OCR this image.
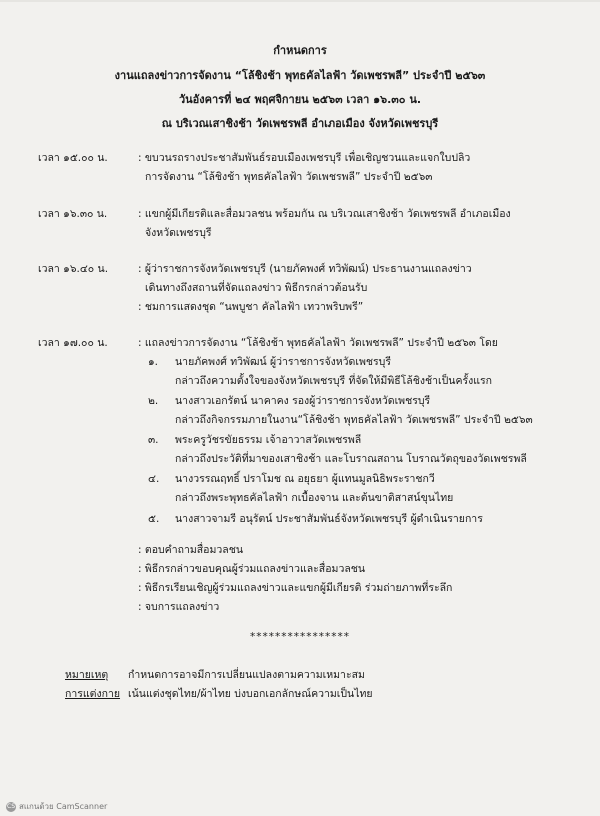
กำหนดการ
งานแถลงข่าวการจัดงาน “โล้ชิงช้า พุทธคัลไลฟ้า วัดเพชรพลี” ประจำปี ๒๕๖๓
วันอังคารที่ ๒๔ พฤศจิกายน ๒๕๖๓ เวลา ๑๖.๓๐ น.
ณ บริเวณเสาชิงช้า วัดเพชรพลี อำเภอเมือง จังหวัดเพชรบุรี
เวลา ๑๕.๐๐ น.	: ขบวนรถรางประชาสัมพันธ์รอบเมืองเพชรบุรี เพื่อเชิญชวนและแจกใบปลิว
การจัดงาน “โล้ชิงช้า พุทธคัลไลฟ้า วัดเพชรพลี” ประจำปี ๒๕๖๓
เวลา ๑๖.๓๐ น.	: แขกผู้มีเกียรติและสื่อมวลชน พร้อมกัน ณ บริเวณเสาชิงช้า วัดเพชรพลี อำเภอเมือง
จังหวัดเพชรบุรี
เวลา ๑๖.๔๐ น.	: ผู้ว่าราชการจังหวัดเพชรบุรี (นายภัคพงศ์ ทวิพัฒน์) ประธานงานแถลงข่าว
เดินทางถึงสถานที่จัดแถลงข่าว พิธีกรกล่าวต้อนรับ
: ชมการแสดงชุด “นพบูชา คัลไลฟ้า เทวาพริบพรี”
เวลา ๑๗.๐๐ น.	: แถลงข่าวการจัดงาน “โล้ชิงช้า พุทธคัลไลฟ้า วัดเพชรพลี” ประจำปี ๒๕๖๓ โดย
๑. นายภัคพงศ์ ทวิพัฒน์ ผู้ว่าราชการจังหวัดเพชรบุรี
กล่าวถึงความตั้งใจของจังหวัดเพชรบุรี ที่จัดให้มีพิธีโล้ชิงช้าเป็นครั้งแรก
๒. นางสาวเอกรัตน์ นาคาคง รองผู้ว่าราชการจังหวัดเพชรบุรี
กล่าวถึงกิจกรรมภายในงาน“โล้ชิงช้า พุทธคัลไลฟ้า วัดเพชรพลี” ประจำปี ๒๕๖๓
๓. พระครูวัชรขัยธรรม เจ้าอาวาสวัดเพชรพลี
กล่าวถึงประวัติที่มาของเสาชิงช้า และโบราณสถาน โบราณวัตถุของวัดเพชรพลี
๔. นางวรรณฤทธิ์ ปราโมช ณ อยุธยา ผู้แทนมูลนิธิพระราชกวี
กล่าวถึงพระพุทธคัลไลฟ้า กเบื้องจาน และต้นขาติสาสน์ขุนไทย
๕. นางสาวจามรี อนุรัตน์ ประชาสัมพันธ์จังหวัดเพชรบุรี ผู้ดำเนินรายการ
: ตอบคำถามสื่อมวลชน
: พิธีกรกล่าวขอบคุณผู้ร่วมแถลงข่าวและสื่อมวลชน
: พิธีกรเรียนเชิญผู้ร่วมแถลงข่าวและแขกผู้มีเกียรติ ร่วมถ่ายภาพที่ระลึก
: จบการแถลงข่าว
****************
หมายเหตุ กำหนดการอาจมีการเปลี่ยนแปลงตามความเหมาะสม
การแต่งกาย เน้นแต่งชุดไทย/ผ้าไทย บ่งบอกเอกลักษณ์ความเป็นไทย
CS สแกนด้วย CamScanner
